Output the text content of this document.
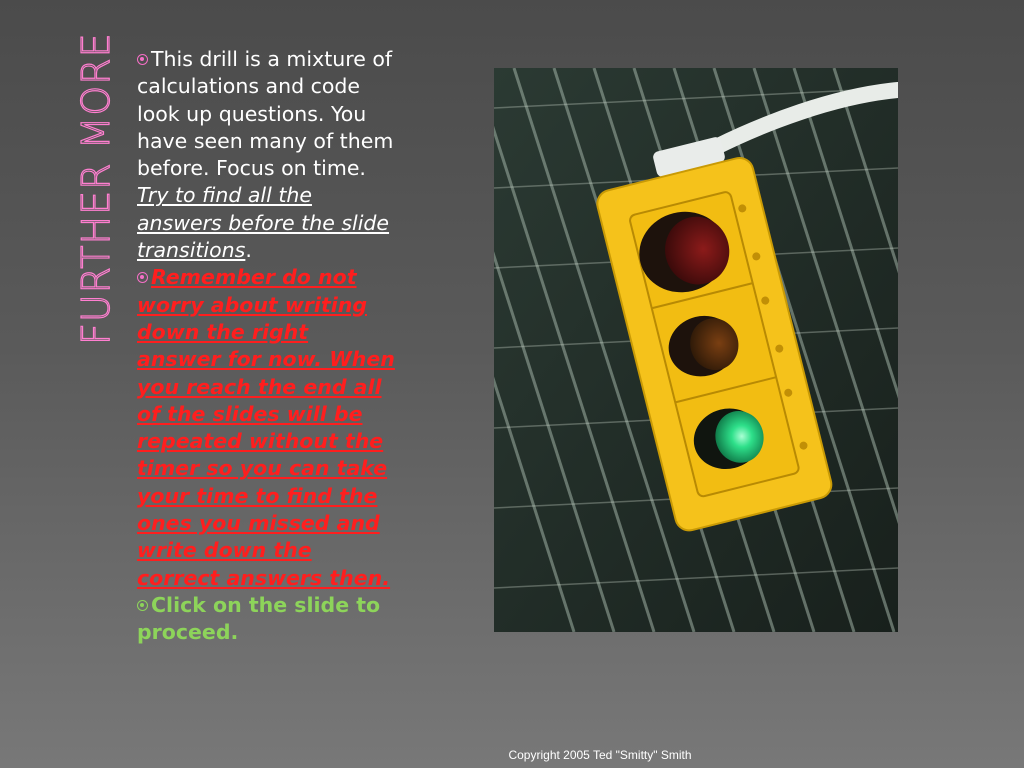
FURTHER MORE	This drill is a mixture of calculations and code look up questions. You have seen many of them before. Focus on time. Try to find all the answers before the slide transitions.

Remember do not worry about writing down the right answer for now. When you reach the end all of the slides will be repeated without the timer so you can take your time to find the ones you missed and write down the correct answers then.

Click on the slide to proceed.

Copyright 2005 Ted "Smitty" Smith
